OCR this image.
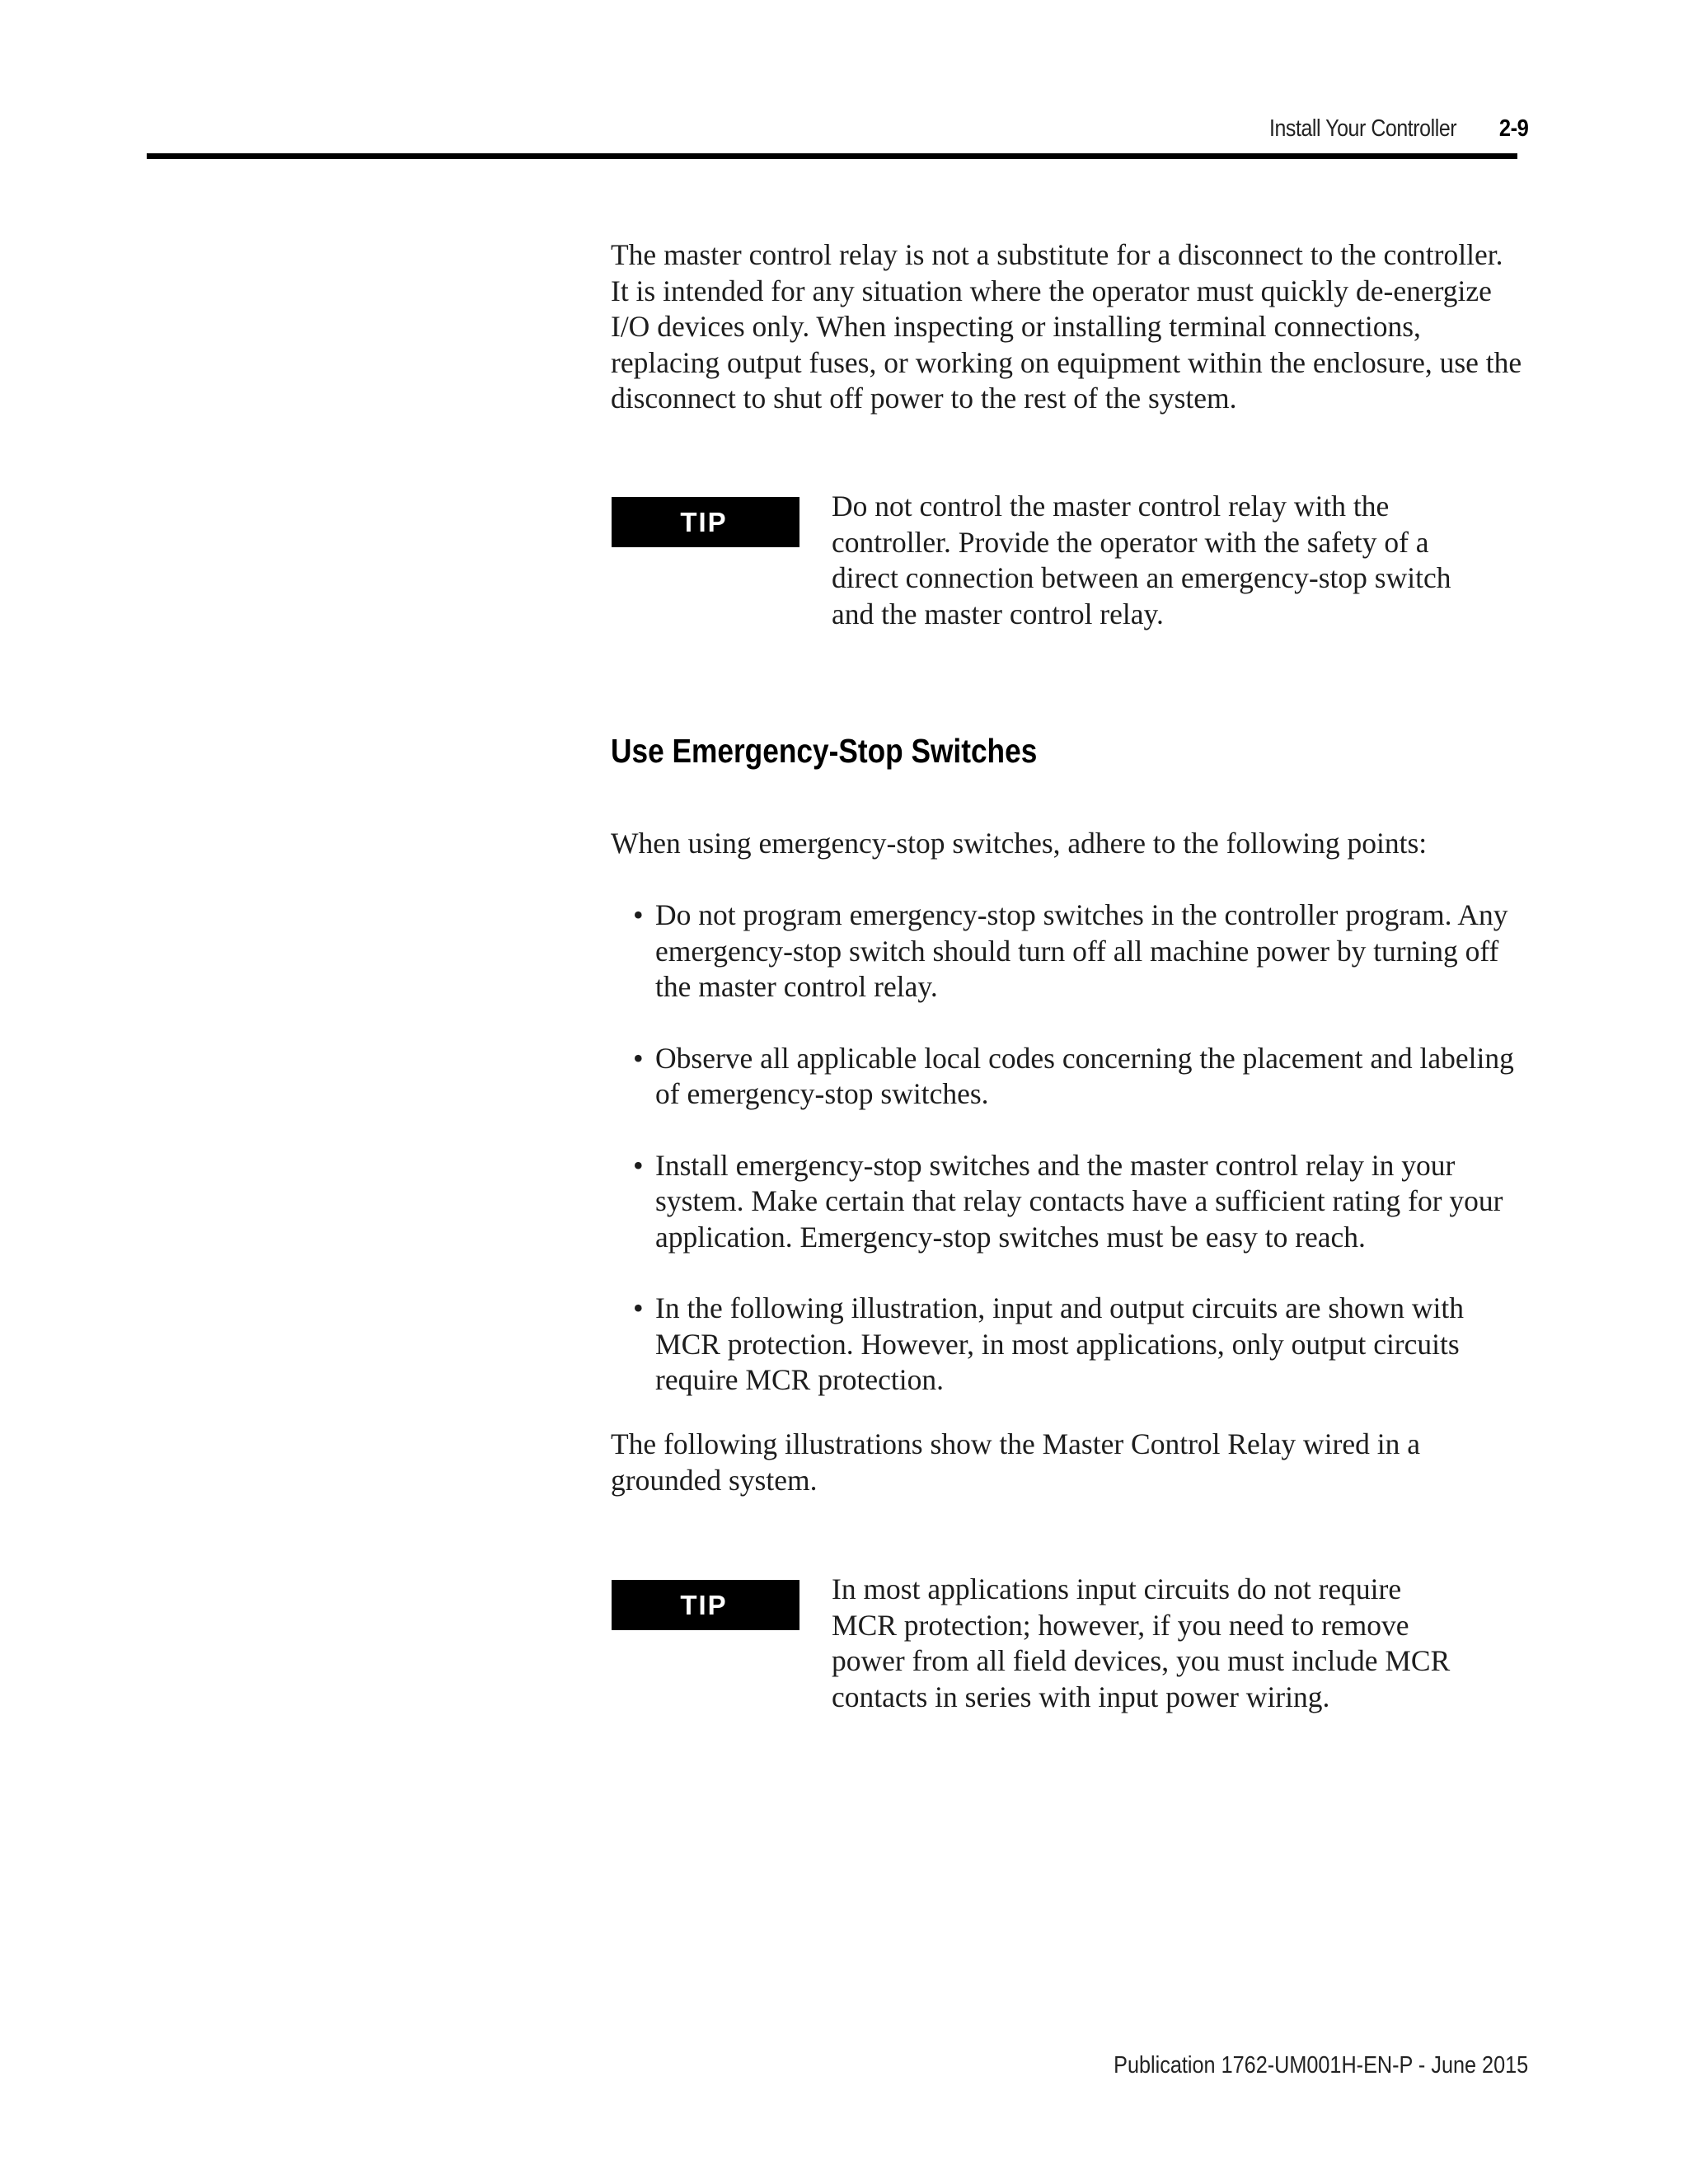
Install Your Controller 2-9

The master control relay is not a substitute for a disconnect to the controller. It is intended for any situation where the operator must quickly de-energize I/O devices only. When inspecting or installing terminal connections, replacing output fuses, or working on equipment within the enclosure, use the disconnect to shut off power to the rest of the system.

TIP	Do not control the master control relay with the controller. Provide the operator with the safety of a direct connection between an emergency-stop switch and the master control relay.

Use Emergency-Stop Switches

When using emergency-stop switches, adhere to the following points:

• Do not program emergency-stop switches in the controller program. Any emergency-stop switch should turn off all machine power by turning off the master control relay.
• Observe all applicable local codes concerning the placement and labeling of emergency-stop switches.
• Install emergency-stop switches and the master control relay in your system. Make certain that relay contacts have a sufficient rating for your application. Emergency-stop switches must be easy to reach.
• In the following illustration, input and output circuits are shown with MCR protection. However, in most applications, only output circuits require MCR protection.

The following illustrations show the Master Control Relay wired in a grounded system.

TIP	In most applications input circuits do not require MCR protection; however, if you need to remove power from all field devices, you must include MCR contacts in series with input power wiring.

Publication 1762-UM001H-EN-P - June 2015
